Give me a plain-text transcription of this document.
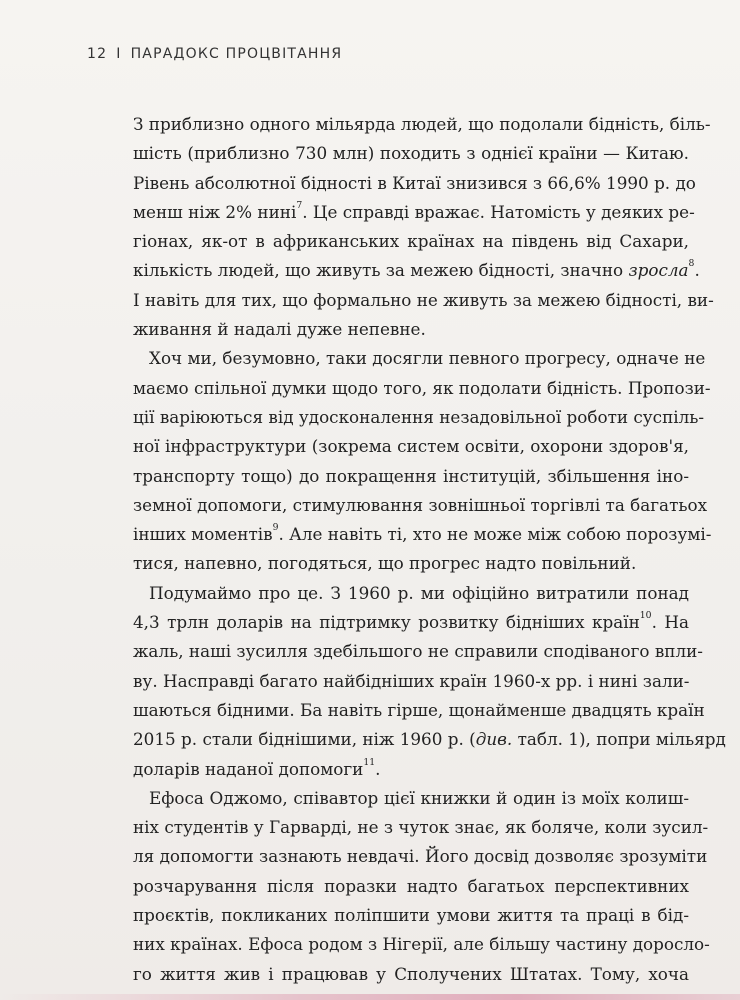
12 I ПАРАДОКС ПРОЦВІТАННЯ
З приблизно одного мільярда людей, що подолали бідність, біль-
шість (приблизно 730 млн) походить з однієї країни — Китаю.
Рівень абсолютної бідності в Китаї знизився з 66,6% 1990 р. до
менш ніж 2% нині$^7$. Це справді вражає. Натомість у деяких ре-
гіонах, як-от в африканських країнах на південь від Сахари,
кількість людей, що живуть за межею бідності, значно зросла$^8$.
І навіть для тих, що формально не живуть за межею бідності, ви-
живання й надалі дуже непевне.
Хоч ми, безумовно, таки досягли певного прогресу, одначе не
маємо спільної думки щодо того, як подолати бідність. Пропози-
ції варіюються від удосконалення незадовільної роботи суспіль-
ної інфраструктури (зокрема систем освіти, охорони здоров'я,
транспорту тощо) до покращення інституцій, збільшення іно-
земної допомоги, стимулювання зовнішньої торгівлі та багатьох
інших моментів$^9$. Але навіть ті, хто не може між собою порозумі-
тися, напевно, погодяться, що прогрес надто повільний.
Подумаймо про це. З 1960 р. ми офіційно витратили понад
4,3 трлн доларів на підтримку розвитку бідніших країн$^{10}$. На
жаль, наші зусилля здебільшого не справили сподіваного впли-
ву. Насправді багато найбідніших країн 1960-х рр. і нині зали-
шаються бідними. Ба навіть гірше, щонайменше двадцять країн
2015 р. стали біднішими, ніж 1960 р. (див. табл. 1), попри мільярд
доларів наданої допомоги$^{11}$.
Ефоса Оджомо, співавтор цієї книжки й один із моїх колиш-
ніх студентів у Гарварді, не з чуток знає, як боляче, коли зусил-
ля допомогти зазнають невдачі. Його досвід дозволяє зрозуміти
розчарування після поразки надто багатьох перспективних
проєктів, покликаних поліпшити умови життя та праці в бід-
них країнах. Ефоса родом з Нігерії, але більшу частину доросло-
го життя жив і працював у Сполучених Штатах. Тому, хоча
